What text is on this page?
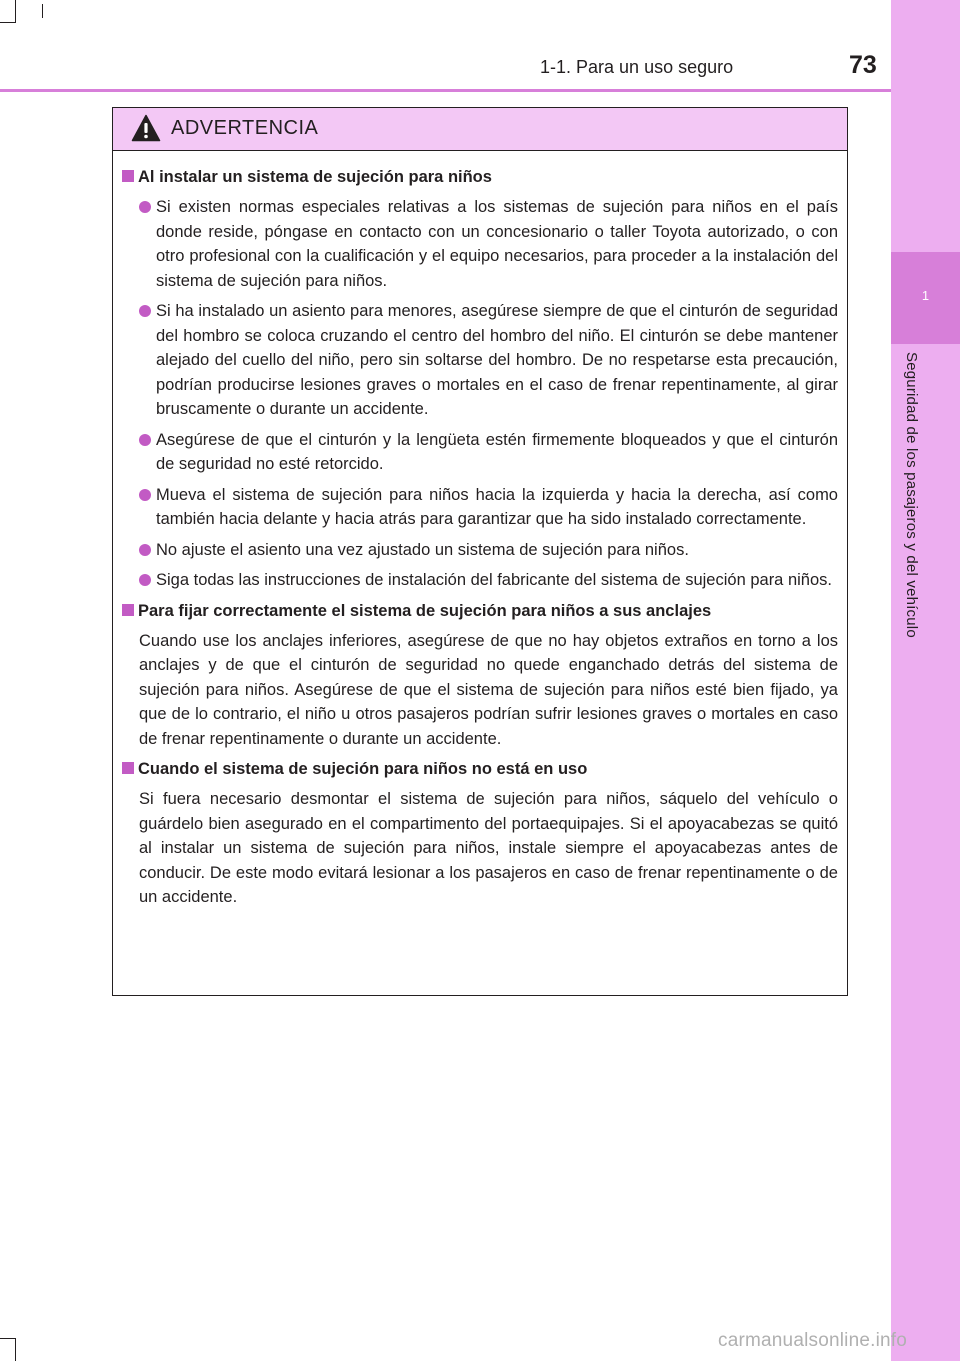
1
Seguridad de los pasajeros y del vehículo
1-1. Para un uso seguro	73
ADVERTENCIA
Al instalar un sistema de sujeción para niños
Si existen normas especiales relativas a los sistemas de sujeción para niños en el país donde reside, póngase en contacto con un concesionario o taller Toyota autorizado, o con otro profesional con la cualificación y el equipo necesarios, para proceder a la instalación del sistema de sujeción para niños.
Si ha instalado un asiento para menores, asegúrese siempre de que el cinturón de seguridad del hombro se coloca cruzando el centro del hombro del niño. El cinturón se debe mantener alejado del cuello del niño, pero sin soltarse del hombro. De no respetarse esta precaución, podrían producirse lesiones graves o mortales en el caso de frenar repentinamente, al girar bruscamente o durante un accidente.
Asegúrese de que el cinturón y la lengüeta estén firmemente bloqueados y que el cinturón de seguridad no esté retorcido.
Mueva el sistema de sujeción para niños hacia la izquierda y hacia la derecha, así como también hacia delante y hacia atrás para garantizar que ha sido instalado correctamente.
No ajuste el asiento una vez ajustado un sistema de sujeción para niños.
Siga todas las instrucciones de instalación del fabricante del sistema de sujeción para niños.
Para fijar correctamente el sistema de sujeción para niños a sus anclajes
Cuando use los anclajes inferiores, asegúrese de que no hay objetos extraños en torno a los anclajes y de que el cinturón de seguridad no quede enganchado detrás del sistema de sujeción para niños. Asegúrese de que el sistema de sujeción para niños esté bien fijado, ya que de lo contrario, el niño u otros pasajeros podrían sufrir lesiones graves o mortales en caso de frenar repentinamente o durante un accidente.
Cuando el sistema de sujeción para niños no está en uso
Si fuera necesario desmontar el sistema de sujeción para niños, sáquelo del vehículo o guárdelo bien asegurado en el compartimento del portaequipajes. Si el apoyacabezas se quitó al instalar un sistema de sujeción para niños, instale siempre el apoyacabezas antes de conducir. De este modo evitará lesionar a los pasajeros en caso de frenar repentinamente o de un accidente.
carmanualsonline.info
